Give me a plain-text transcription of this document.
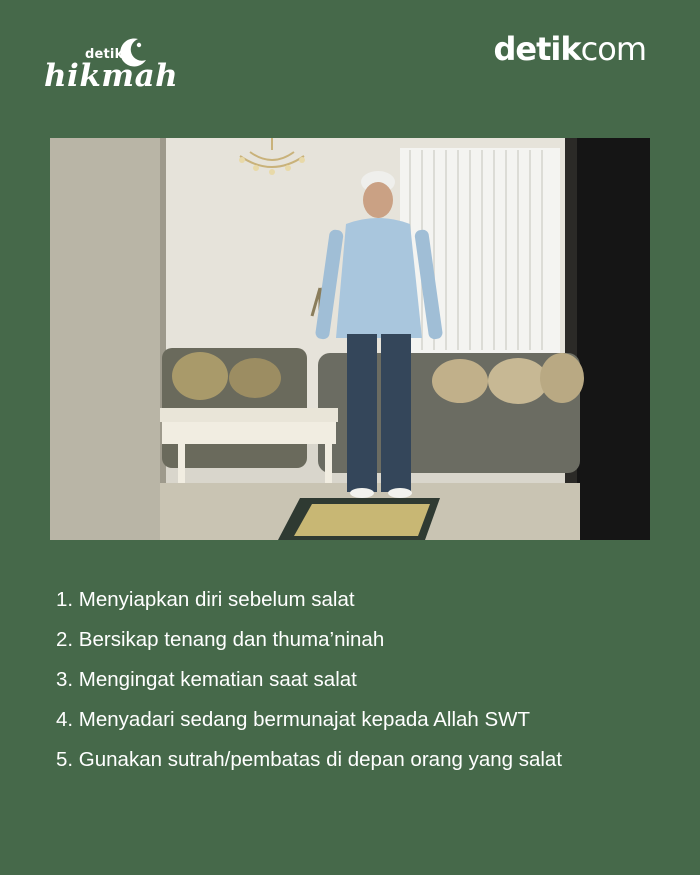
detik
hikmah
detikcom
1. Menyiapkan diri sebelum salat
2. Bersikap tenang dan thuma’ninah
3. Mengingat kematian saat salat
4. Menyadari sedang bermunajat kepada Allah SWT
5. Gunakan sutrah/pembatas di depan orang yang salat
